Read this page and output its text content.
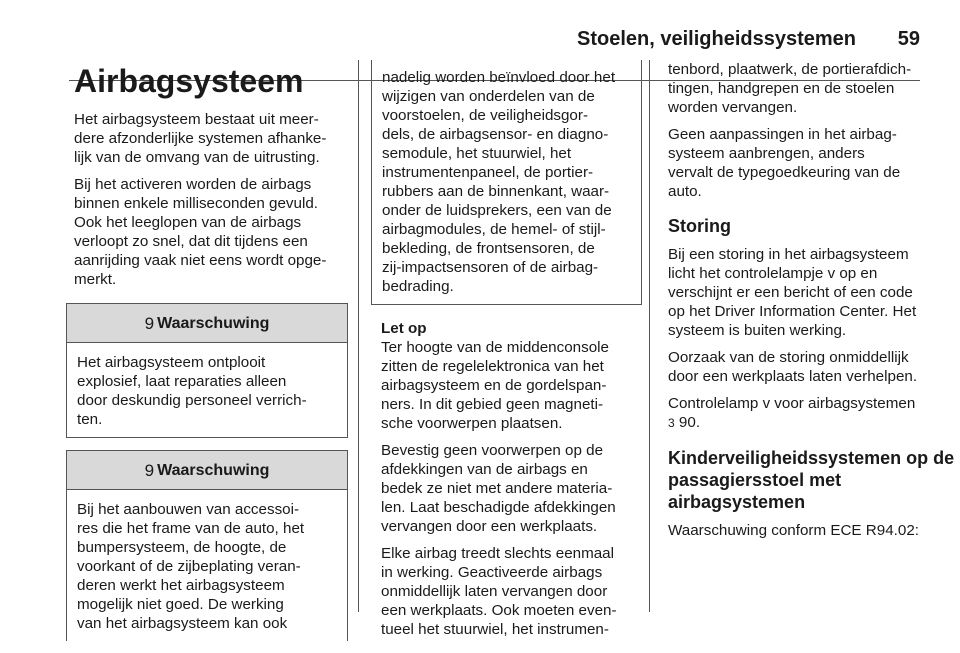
Stoelen, veiligheidssystemen 59
Airbagsysteem

Het airbagsysteem bestaat uit meer-
dere afzonderlijke systemen afhanke-
lijk van de omvang van de uitrusting.

Bij het activeren worden de airbags
binnen enkele milliseconden gevuld.
Ook het leeglopen van de airbags
verloopt zo snel, dat dit tijdens een
aanrijding vaak niet eens wordt opge-
merkt.

9 Waarschuwing
Het airbagsysteem ontplooit
explosief, laat reparaties alleen
door deskundig personeel verrich-
ten.
9 Waarschuwing
Bij het aanbouwen van accessoi-
res die het frame van de auto, het
bumpersysteem, de hoogte, de
voorkant of de zijbeplating veran-
deren werkt het airbagsysteem
mogelijk niet goed. De werking
van het airbagsysteem kan ook
nadelig worden beïnvloed door het
wijzigen van onderdelen van de
voorstoelen, de veiligheidsgor-
dels, de airbagsensor- en diagno-
semodule, het stuurwiel, het
instrumentenpaneel, de portier-
rubbers aan de binnenkant, waar-
onder de luidsprekers, een van de
airbagmodules, de hemel- of stijl-
bekleding, de frontsensoren, de
zij-impactsensoren of de airbag-
bedrading.

Let op
Ter hoogte van de middenconsole
zitten de regelelektronica van het
airbagsysteem en de gordelspan-
ners. In dit gebied geen magneti-
sche voorwerpen plaatsen.

Bevestig geen voorwerpen op de
afdekkingen van de airbags en
bedek ze niet met andere materia-
len. Laat beschadigde afdekkingen
vervangen door een werkplaats.

Elke airbag treedt slechts eenmaal
in werking. Geactiveerde airbags
onmiddellijk laten vervangen door
een werkplaats. Ook moeten even-
tueel het stuurwiel, het instrumen-

tenbord, plaatwerk, de portierafdich-
tingen, handgrepen en de stoelen
worden vervangen.

Geen aanpassingen in het airbag-
systeem aanbrengen, anders
vervalt de typegoedkeuring van de
auto.

Storing

Bij een storing in het airbagsysteem
licht het controlelampje v op en
verschijnt er een bericht of een code
op het Driver Information Center. Het
systeem is buiten werking.

Oorzaak van de storing onmiddellijk
door een werkplaats laten verhelpen.

Controlelamp v voor airbagsystemen
3 90.

Kinderveiligheidssystemen op de
passagiersstoel met
airbagsystemen

Waarschuwing conform ECE R94.02:
